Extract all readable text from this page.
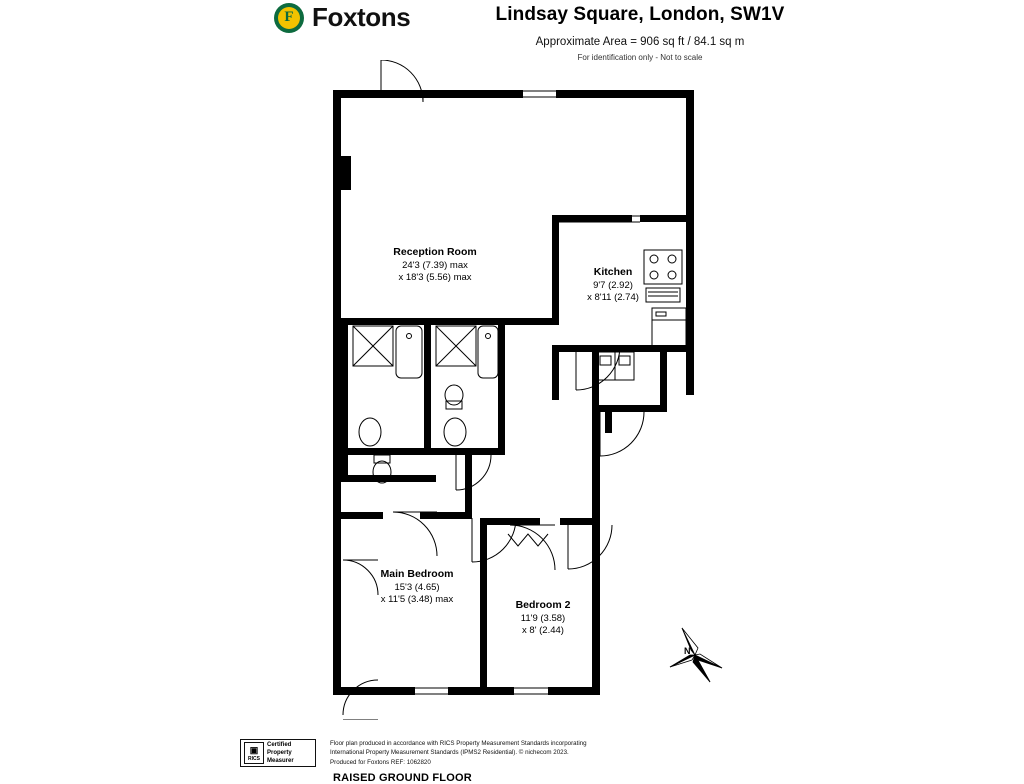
F Foxtons	Lindsay Square, London, SW1V
Approximate Area = 906 sq ft / 84.1 sq m
For identification only - Not to scale
Reception Room
24'3 (7.39) max
x 18'3 (5.56) max	Kitchen
9'7 (2.92)
x 8'11 (2.74)
Main Bedroom
15'3 (4.65)
x 11'5 (3.48) max	Bedroom 2
11'9 (3.58)
x 8' (2.44)
N
RAISED GROUND FLOOR
▣
RICS
Certified
Property
Measurer
Floor plan produced in accordance with RICS Property Measurement Standards incorporating
International Property Measurement Standards (IPMS2 Residential). © nichecom 2023.
Produced for Foxtons REF: 1062820
